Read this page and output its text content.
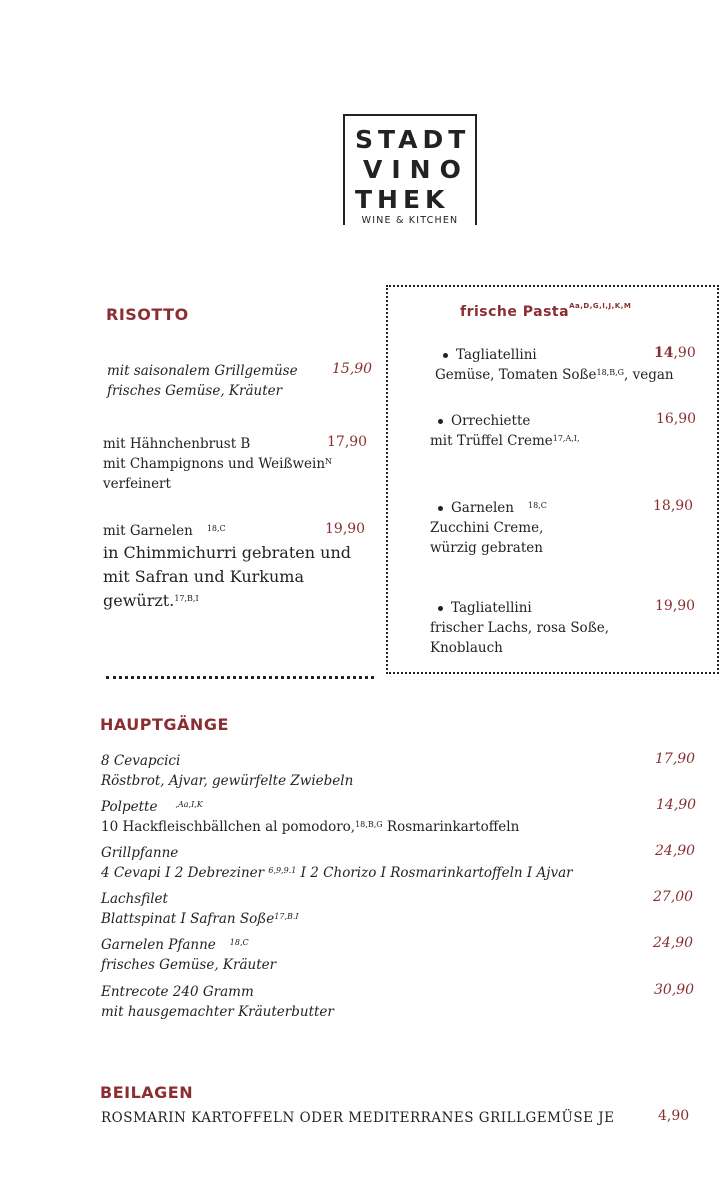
STADT
VINO
THEK
WINE & KITCHEN
RISOTTO
mit saisonalem Grillgemüse
frisches Gemüse, Kräuter
15,90
mit Hähnchenbrust B
mit Champignons und Weißwein$^N$
verfeinert
17,90
mit Garnelen $^{18,C}$
in Chimmichurri gebraten und
mit Safran und Kurkuma
gewürzt.$^{17,B,I}$
19,90
frische Pasta$^{Aa,D,G,I,J,K,M}$
Tagliatellini
Gemüse, Tomaten Soße$^{18,B,G}$, vegan
14,90
Orrechiette
mit Trüffel Creme$^{17,A,I,}$
16,90
Garnelen $^{18,C}$
Zucchini Creme,
würzig gebraten
18,90
Tagliatellini
frischer Lachs, rosa Soße,
Knoblauch
19,90
HAUPTGÄNGE
8 Cevapcici
Röstbrot, Ajvar, gewürfelte Zwiebeln
17,90
Polpette $^{,Aa,I,K}$
10 Hackfleischbällchen al pomodoro,$^{18,B,G}$ Rosmarinkartoffeln
14,90
Grillpfanne
4 Cevapi I 2 Debreziner $^{6,9,9.1}$ I 2 Chorizo I Rosmarinkartoffeln I Ajvar
24,90
Lachsfilet
Blattspinat I Safran Soße$^{17,B.I}$
27,00
Garnelen Pfanne $^{18,C}$
frisches Gemüse, Kräuter
24,90
Entrecote 240 Gramm
mit hausgemachter Kräuterbutter
30,90
BEILAGEN
ROSMARIN KARTOFFELN ODER MEDITERRANES GRILLGEMÜSE JE	4,90
